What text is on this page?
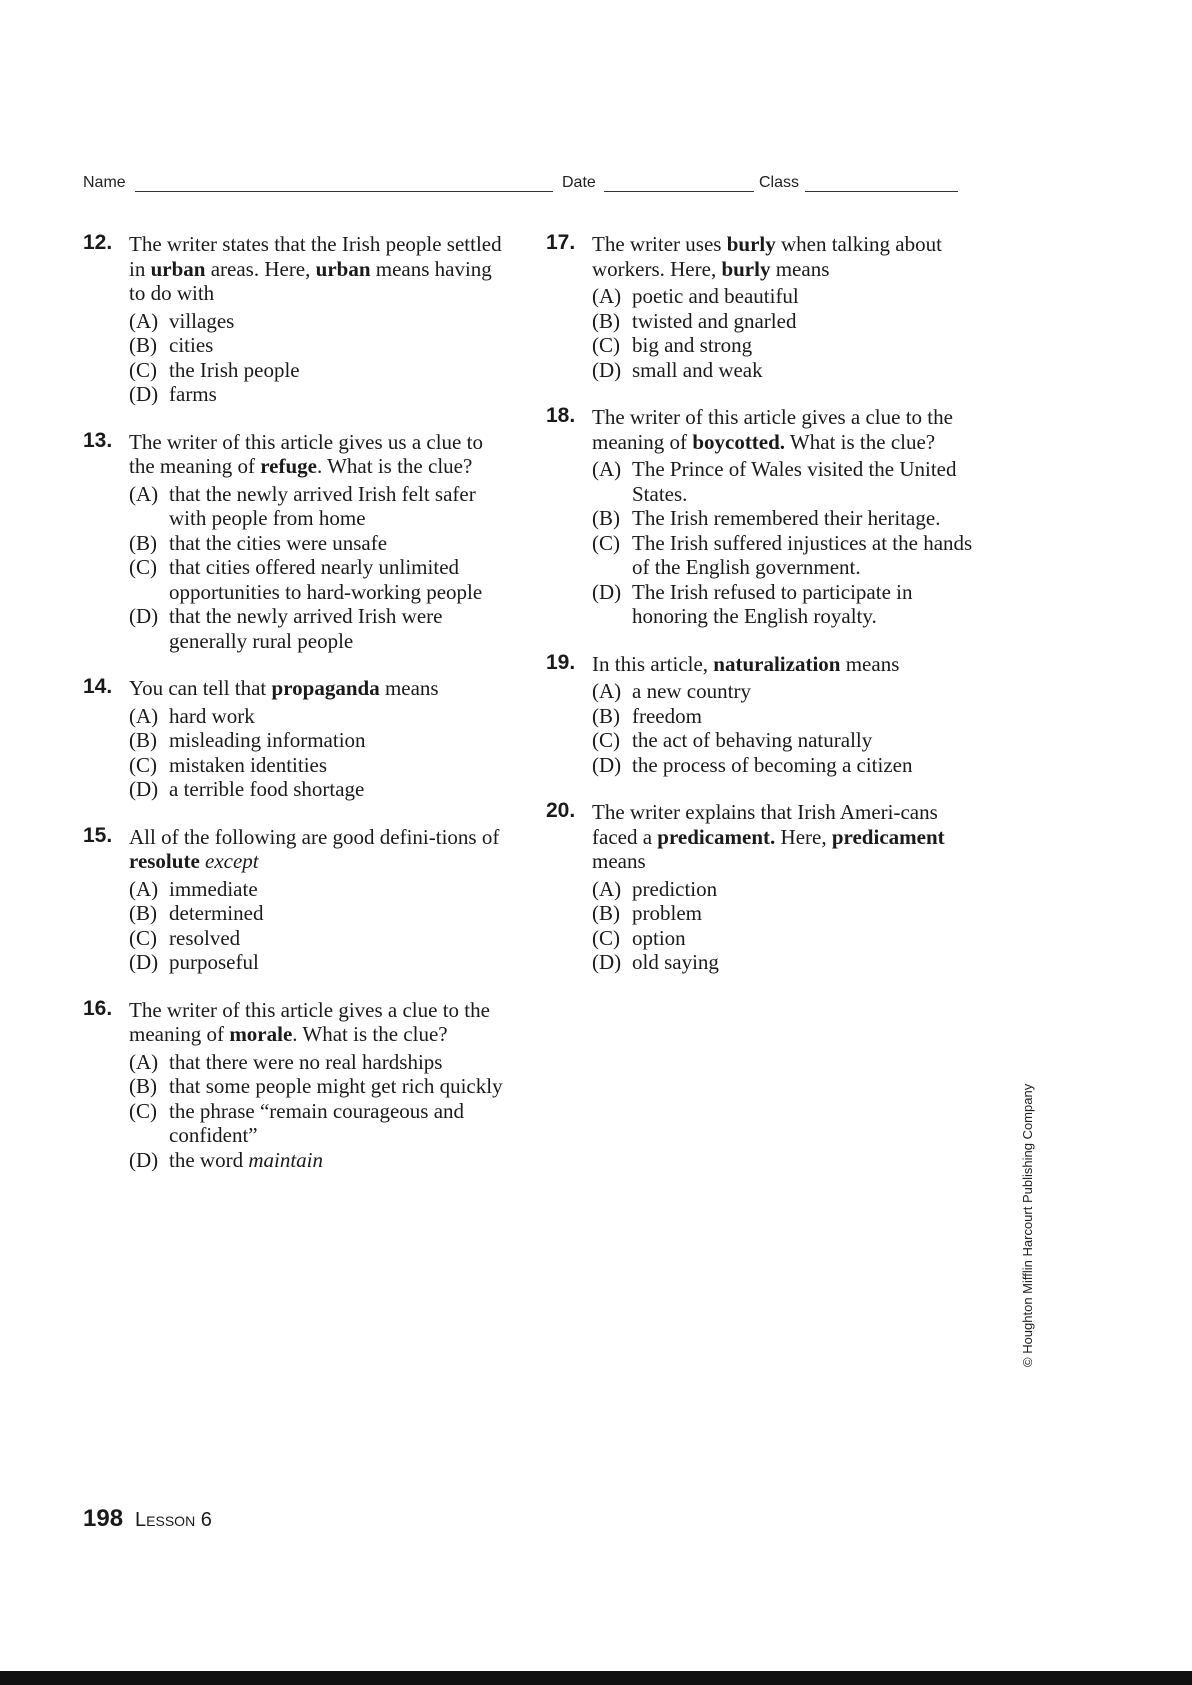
Name	Date	Class
12. The writer states that the Irish people settled in urban areas. Here, urban means having to do with
(A) villages
(B) cities
(C) the Irish people
(D) farms
13. The writer of this article gives us a clue to the meaning of refuge. What is the clue?
(A) that the newly arrived Irish felt safer with people from home
(B) that the cities were unsafe
(C) that cities offered nearly unlimited opportunities to hard-working people
(D) that the newly arrived Irish were generally rural people
14. You can tell that propaganda means
(A) hard work
(B) misleading information
(C) mistaken identities
(D) a terrible food shortage
15. All of the following are good defini-tions of resolute except
(A) immediate
(B) determined
(C) resolved
(D) purposeful
16. The writer of this article gives a clue to the meaning of morale. What is the clue?
(A) that there were no real hardships
(B) that some people might get rich quickly
(C) the phrase “remain courageous and confident”
(D) the word maintain
17. The writer uses burly when talking about workers. Here, burly means
(A) poetic and beautiful
(B) twisted and gnarled
(C) big and strong
(D) small and weak
18. The writer of this article gives a clue to the meaning of boycotted. What is the clue?
(A) The Prince of Wales visited the United States.
(B) The Irish remembered their heritage.
(C) The Irish suffered injustices at the hands of the English government.
(D) The Irish refused to participate in honoring the English royalty.
19. In this article, naturalization means
(A) a new country
(B) freedom
(C) the act of behaving naturally
(D) the process of becoming a citizen
20. The writer explains that Irish Ameri-cans faced a predicament. Here, predicament means
(A) prediction
(B) problem
(C) option
(D) old saying
© Houghton Mifflin Harcourt Publishing Company
198 Lesson 6
